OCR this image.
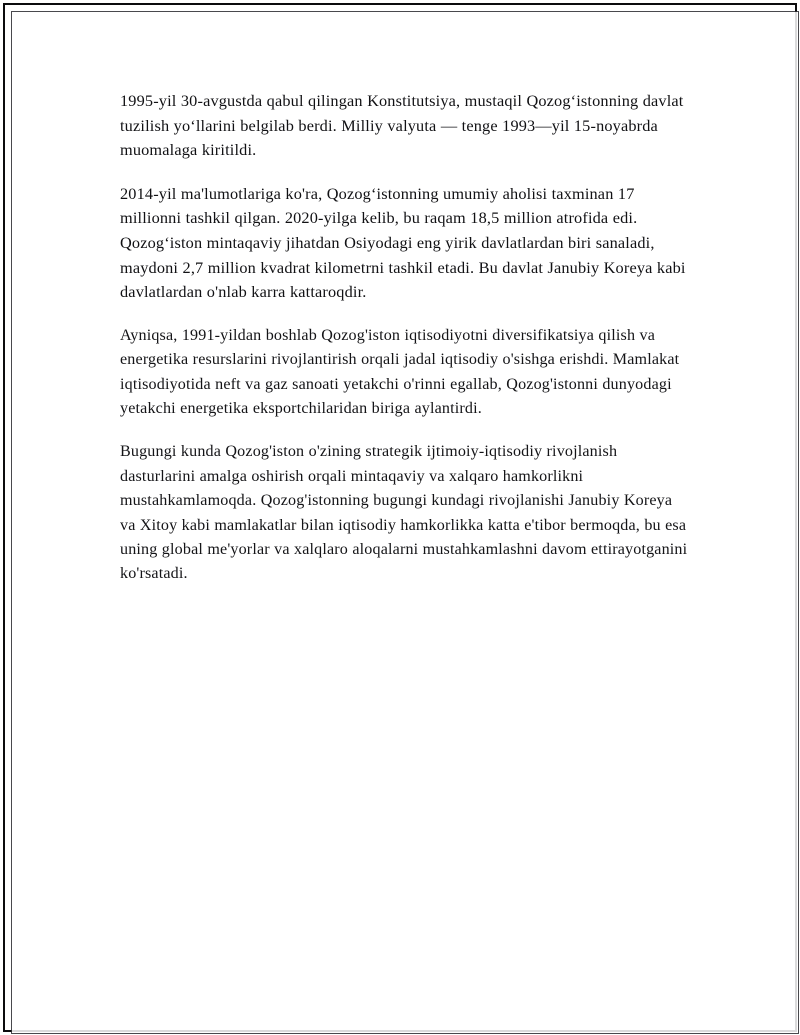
1995-yil 30-avgustda qabul qilingan Konstitutsiya, mustaqil Qozog‘istonning davlat tuzilish yo‘llarini belgilab berdi. Milliy valyuta — tenge 1993—yil 15-noyabrda muomalaga kiritildi.

2014-yil ma'lumotlariga ko'ra, Qozog‘istonning umumiy aholisi taxminan 17 millionni tashkil qilgan. 2020-yilga kelib, bu raqam 18,5 million atrofida edi. Qozog‘iston mintaqaviy jihatdan Osiyodagi eng yirik davlatlardan biri sanaladi, maydoni 2,7 million kvadrat kilometrni tashkil etadi. Bu davlat Janubiy Koreya kabi davlatlardan o'nlab karra kattaroqdir.

Ayniqsa, 1991-yildan boshlab Qozog'iston iqtisodiyotni diversifikatsiya qilish va energetika resurslarini rivojlantirish orqali jadal iqtisodiy o'sishga erishdi. Mamlakat iqtisodiyotida neft va gaz sanoati yetakchi o'rinni egallab, Qozog'istonni dunyodagi yetakchi energetika eksportchilaridan biriga aylantirdi.

Bugungi kunda Qozog'iston o'zining strategik ijtimoiy-iqtisodiy rivojlanish dasturlarini amalga oshirish orqali mintaqaviy va xalqaro hamkorlikni mustahkamlamoqda. Qozog'istonning bugungi kundagi rivojlanishi Janubiy Koreya va Xitoy kabi mamlakatlar bilan iqtisodiy hamkorlikka katta e'tibor bermoqda, bu esa uning global me'yorlar va xalqlaro aloqalarni mustahkamlashni davom ettirayotganini ko'rsatadi.
